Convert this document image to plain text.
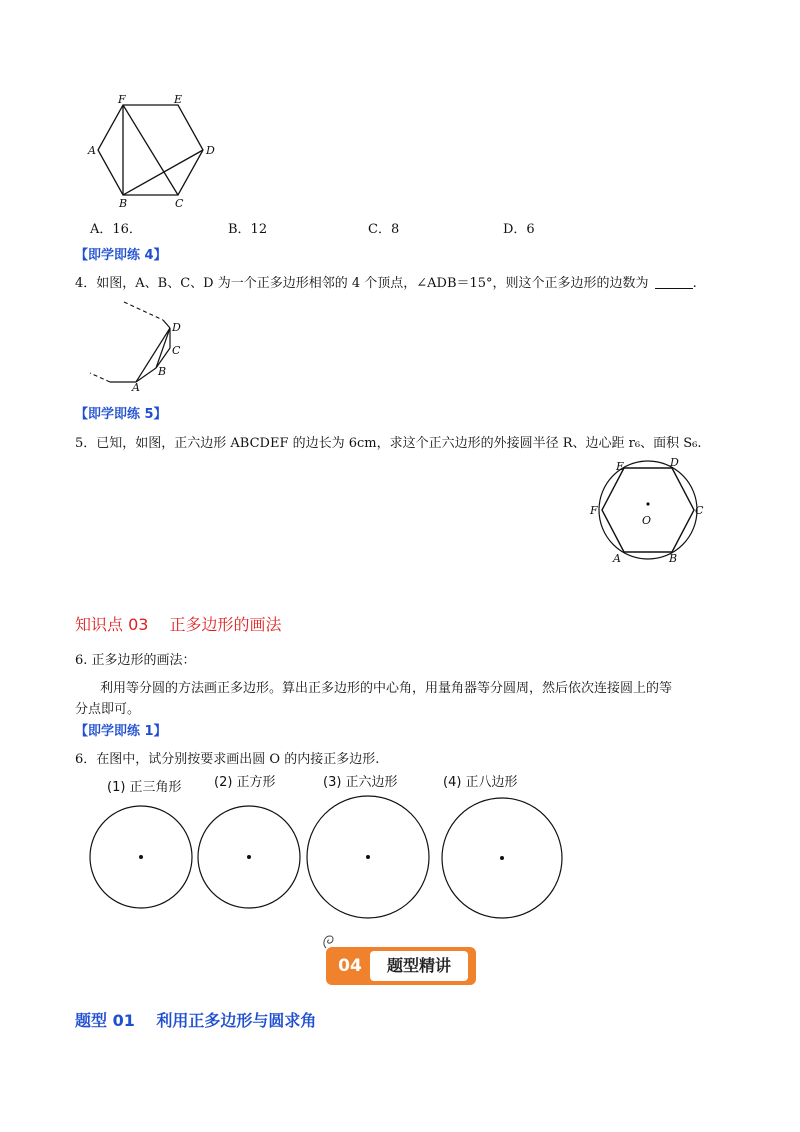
F	E
A	D
B	C
A．16．	B．12	C．8	D．6
【即学即练 4】
4．如图，A、B、C、D 为一个正多边形相邻的 4 个顶点，∠ADB＝15°，则这个正多边形的边数为	.
D
C
B
A
【即学即练 5】
5．已知，如图，正六边形 ABCDEF 的边长为 6cm，求这个正六边形的外接圆半径 R、边心距 r₆、面积 S₆.
E	D
F
O
C
A	B
知识点 03　 正多边形的画法
6. 正多边形的画法：
利用等分圆的方法画正多边形。算出正多边形的中心角，用量角器等分圆周，然后依次连接圆上的等
分点即可。
【即学即练 1】
6．在图中，试分别按要求画出圆 O 的内接正多边形.
(1) 正三角形 (2) 正方形	(3) 正六边形	(4) 正八边形
04	题型精讲
题型 01　 利用正多边形与圆求角
